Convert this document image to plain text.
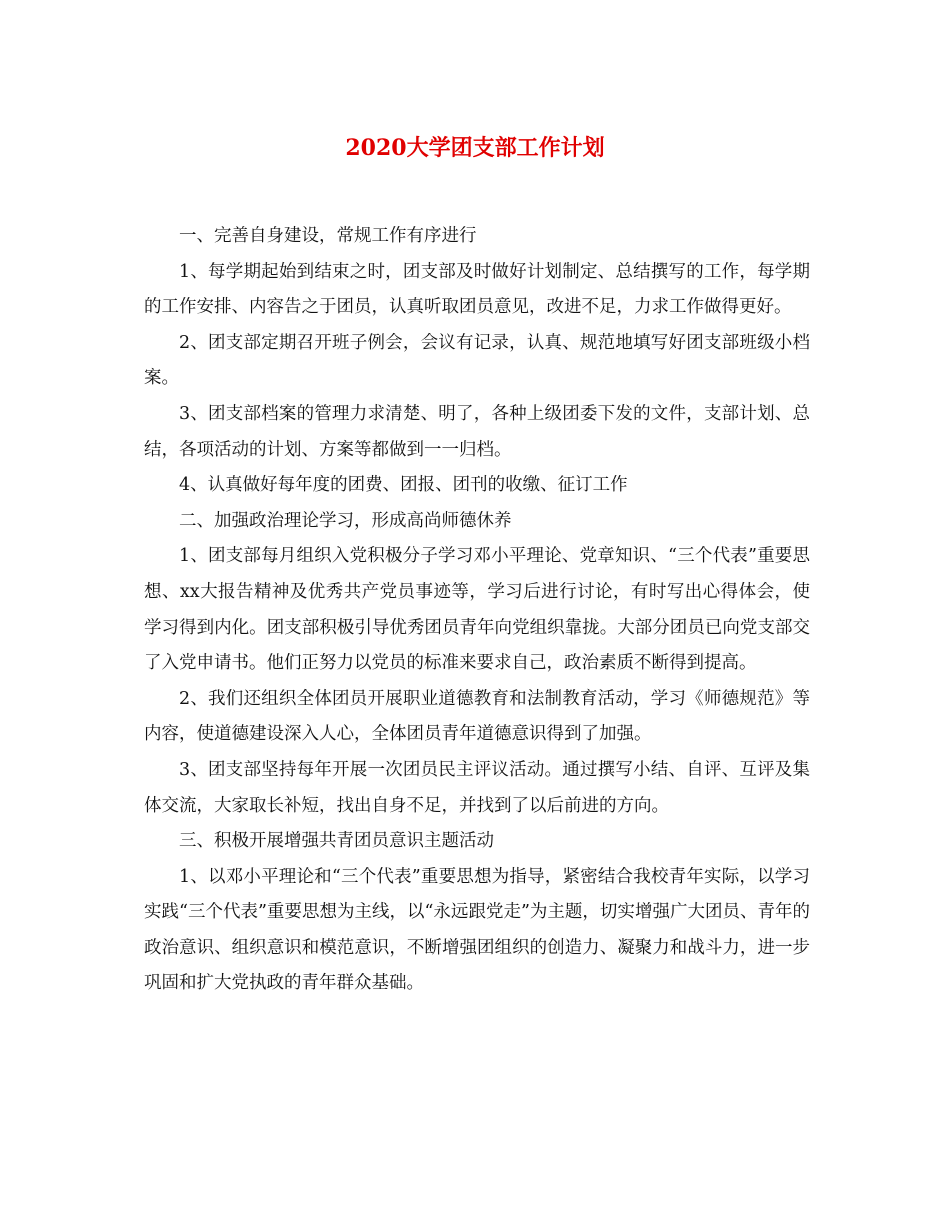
2020大学团支部工作计划

一、完善自身建设，常规工作有序进行

1、每学期起始到结束之时，团支部及时做好计划制定、总结撰写的工作，每学期的工作安排、内容告之于团员，认真听取团员意见，改进不足，力求工作做得更好。

2、团支部定期召开班子例会，会议有记录，认真、规范地填写好团支部班级小档案。

3、团支部档案的管理力求清楚、明了，各种上级团委下发的文件，支部计划、总结，各项活动的计划、方案等都做到一一归档。

4、认真做好每年度的团费、团报、团刊的收缴、征订工作

二、加强政治理论学习，形成高尚师德休养

1、团支部每月组织入党积极分子学习邓小平理论、党章知识、“三个代表”重要思想、xx大报告精神及优秀共产党员事迹等，学习后进行讨论，有时写出心得体会，使学习得到内化。团支部积极引导优秀团员青年向党组织靠拢。大部分团员已向党支部交了入党申请书。他们正努力以党员的标准来要求自己，政治素质不断得到提高。

2、我们还组织全体团员开展职业道德教育和法制教育活动，学习《师德规范》等内容，使道德建设深入人心，全体团员青年道德意识得到了加强。

3、团支部坚持每年开展一次团员民主评议活动。通过撰写小结、自评、互评及集体交流，大家取长补短，找出自身不足，并找到了以后前进的方向。

三、积极开展增强共青团员意识主题活动

1、以邓小平理论和“三个代表”重要思想为指导，紧密结合我校青年实际，以学习实践“三个代表”重要思想为主线，以“永远跟党走”为主题，切实增强广大团员、青年的政治意识、组织意识和模范意识，不断增强团组织的创造力、凝聚力和战斗力，进一步巩固和扩大党执政的青年群众基础。
